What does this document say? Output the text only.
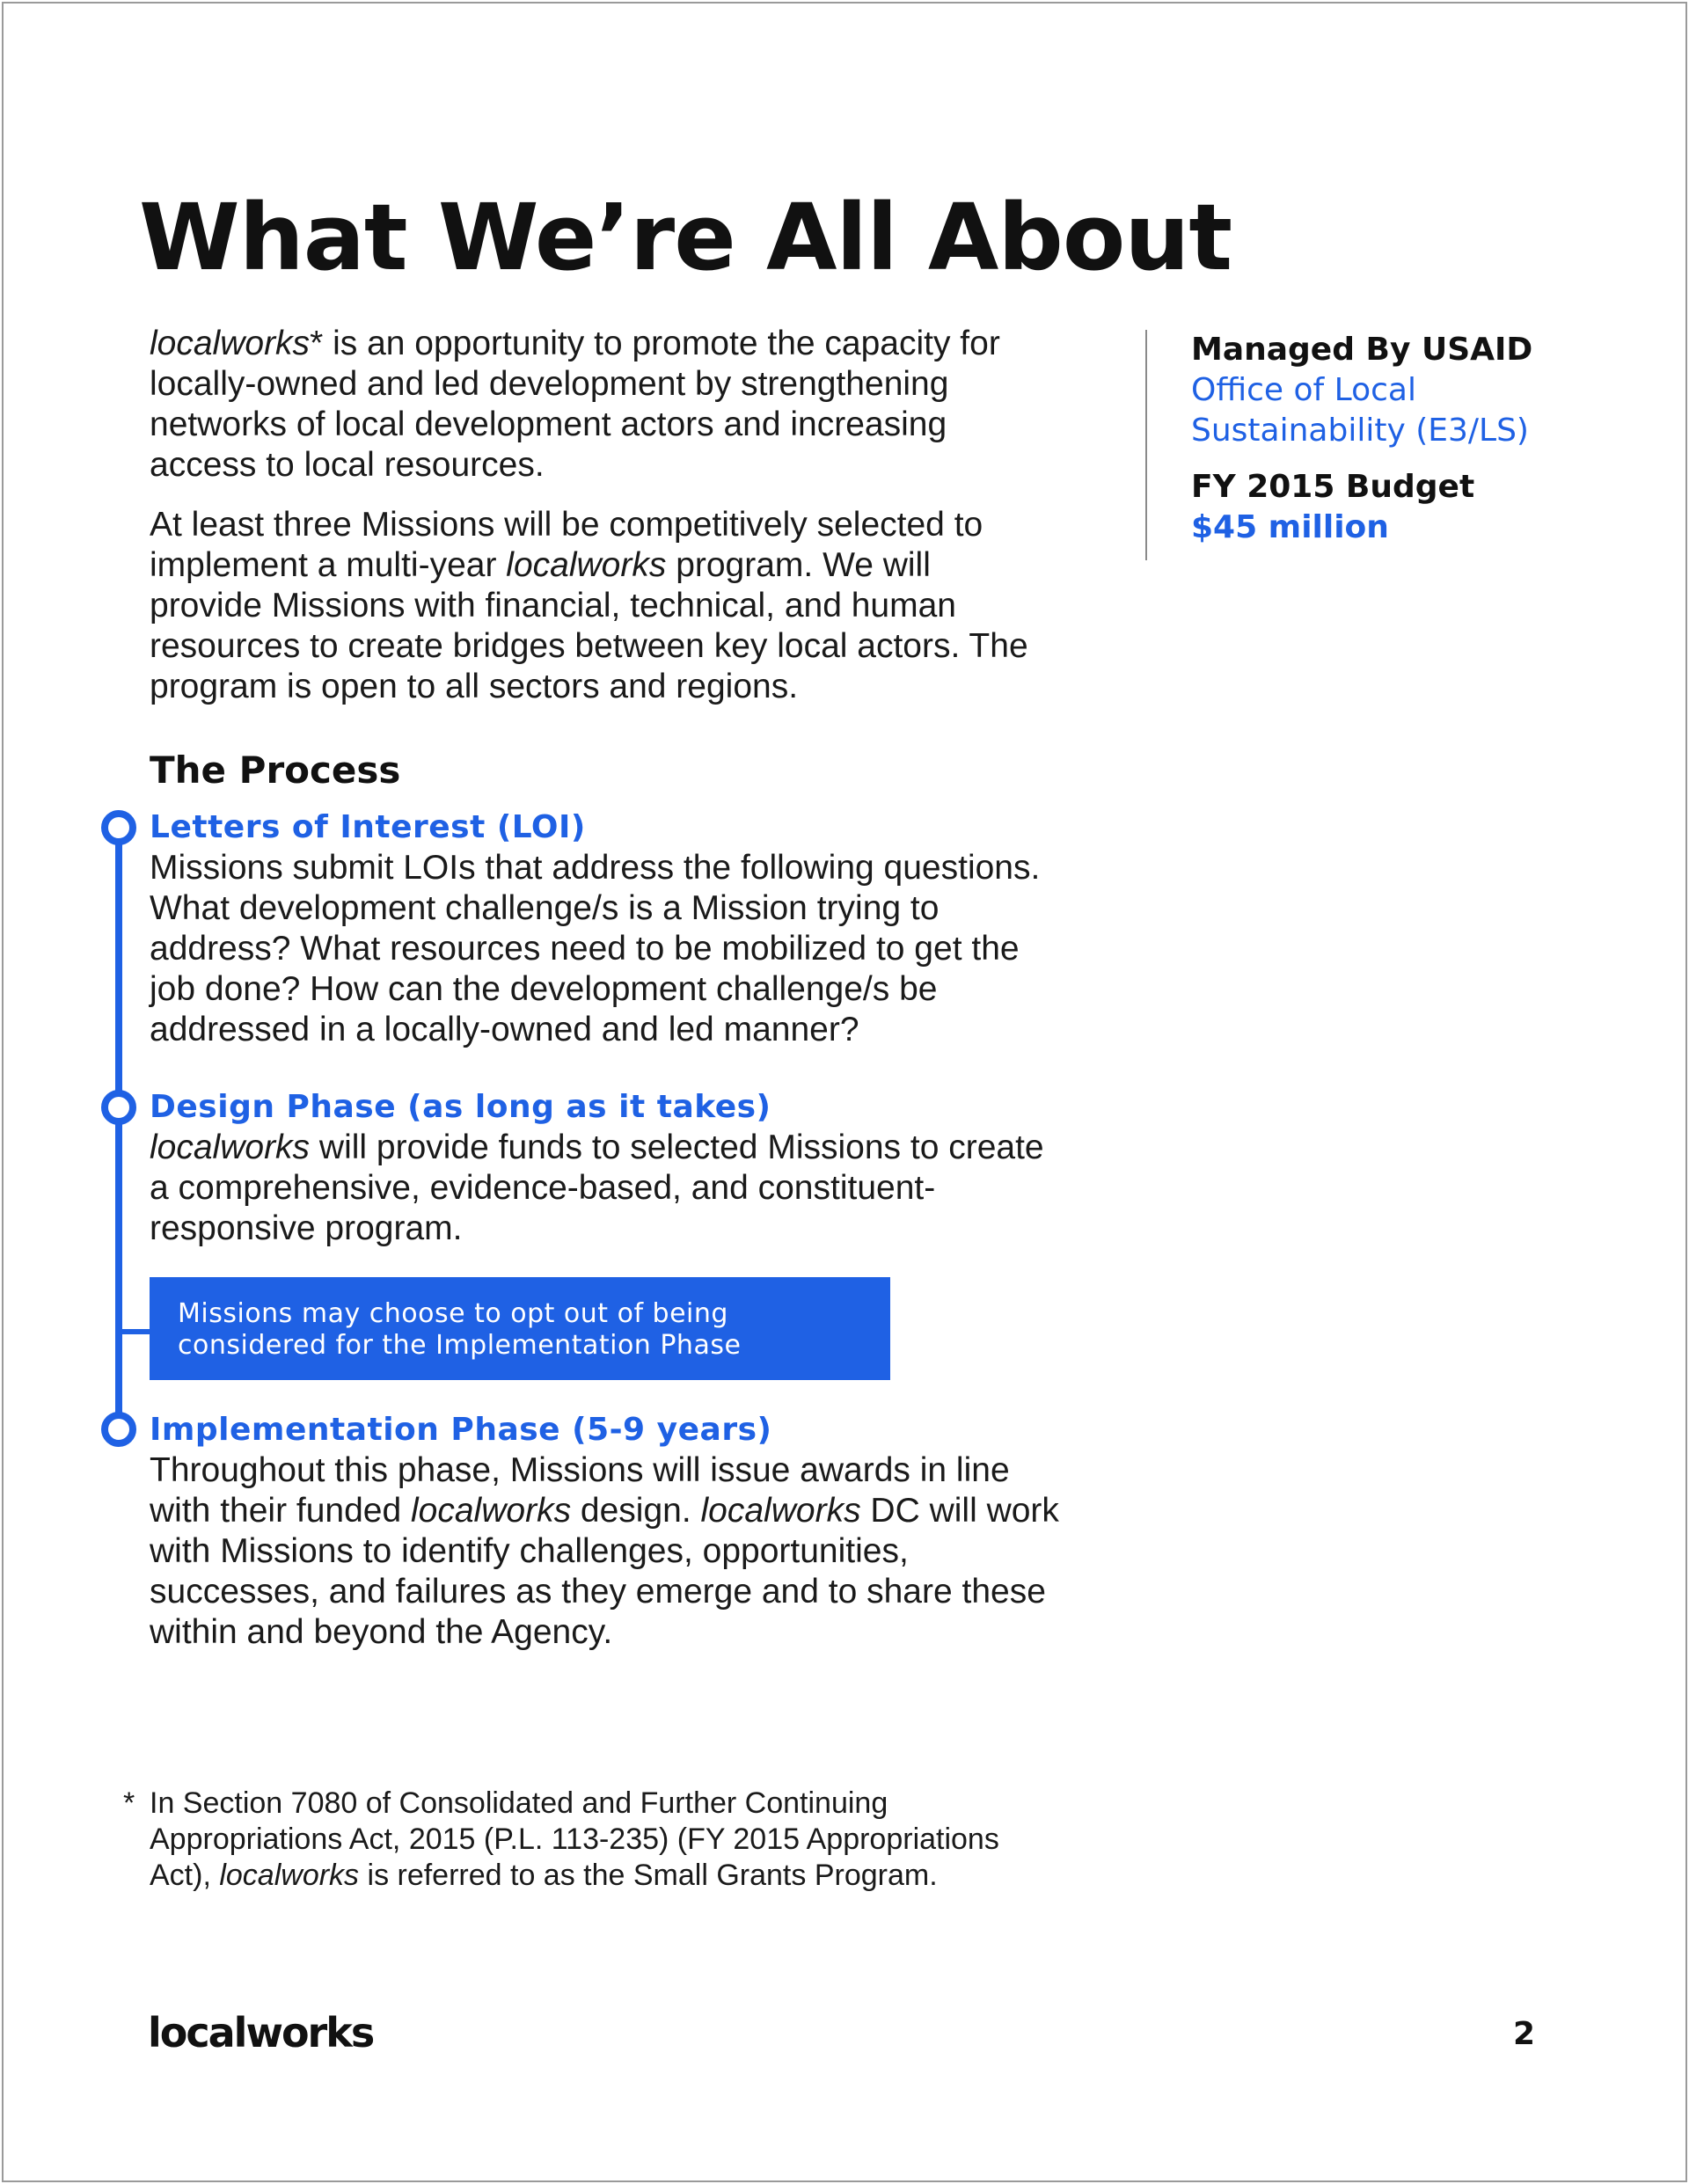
What We’re All About

localworks* is an opportunity to promote the capacity for locally-owned and led development by strengthening networks of local development actors and increasing access to local resources.

At least three Missions will be competitively selected to implement a multi-year localworks program. We will provide Missions with financial, technical, and human resources to create bridges between key local actors. The program is open to all sectors and regions.

Managed By USAID
Office of Local
Sustainability (E3/LS)
FY 2015 Budget
$45 million
The Process
Letters of Interest (LOI)
Missions submit LOIs that address the following questions. What development challenge/s is a Mission trying to address? What resources need to be mobilized to get the job done? How can the development challenge/s be addressed in a locally-owned and led manner?
Design Phase (as long as it takes)
localworks will provide funds to selected Missions to create a comprehensive, evidence-based, and constituent-responsive program.
Missions may choose to opt out of being considered for the Implementation Phase
Implementation Phase (5-9 years)
Throughout this phase, Missions will issue awards in line with their funded localworks design. localworks DC will work with Missions to identify challenges, opportunities, successes, and failures as they emerge and to share these within and beyond the Agency.
* In Section 7080 of Consolidated and Further Continuing Appropriations Act, 2015 (P.L. 113-235) (FY 2015 Appropriations Act), localworks is referred to as the Small Grants Program.
localworks	2
